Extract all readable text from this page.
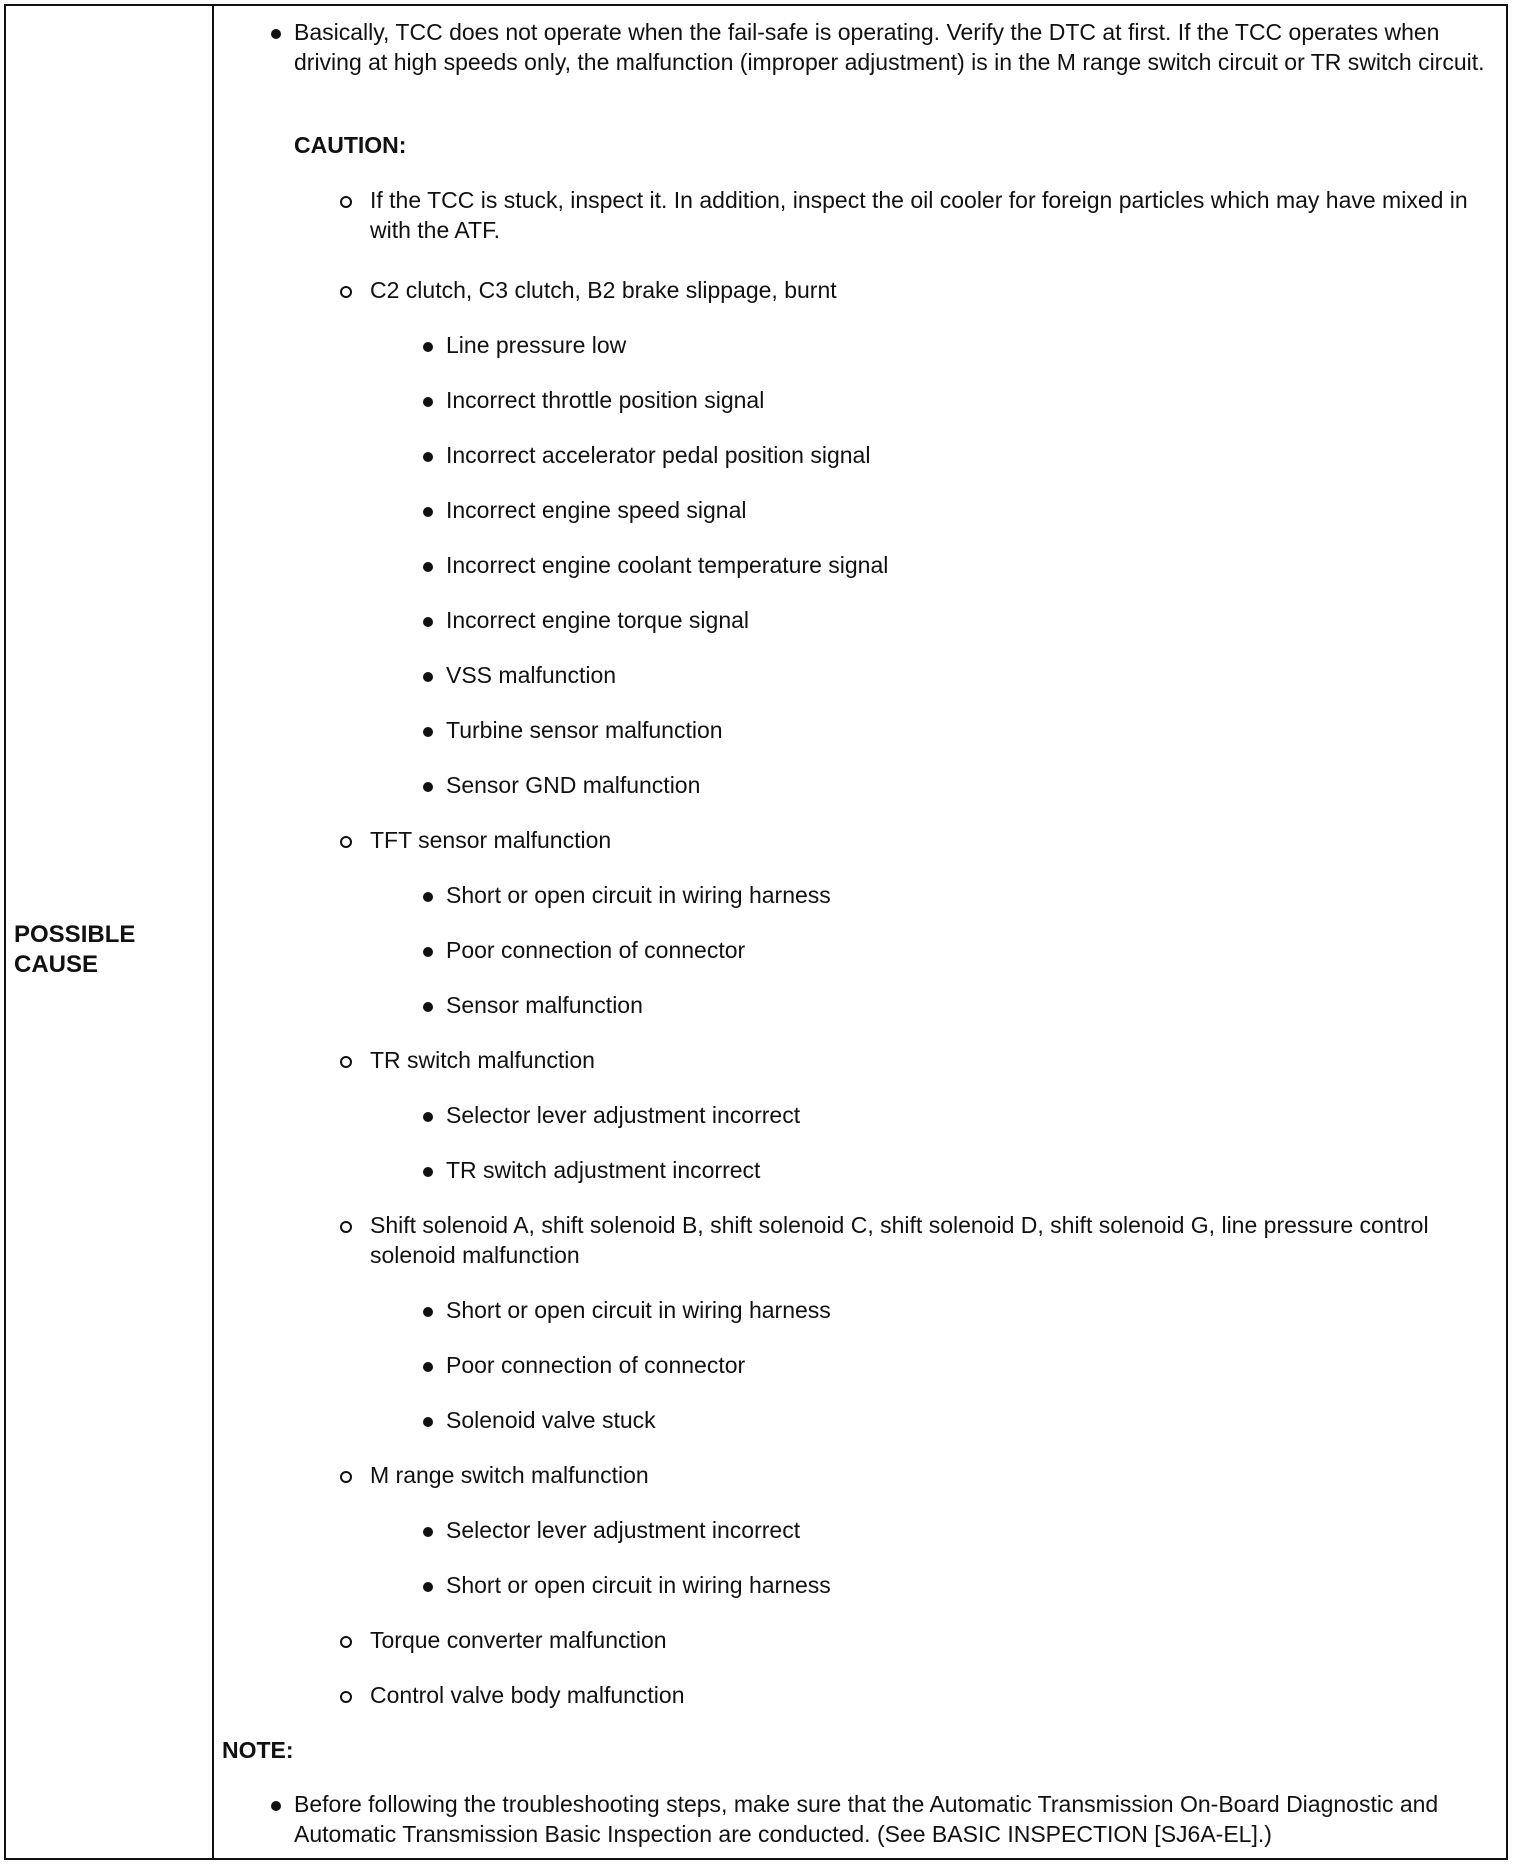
POSSIBLE
CAUSE
Basically, TCC does not operate when the fail-safe is operating. Verify the DTC at first. If the TCC operates when driving at high speeds only, the malfunction (improper adjustment) is in the M range switch circuit or TR switch circuit.
CAUTION:
If the TCC is stuck, inspect it. In addition, inspect the oil cooler for foreign particles which may have mixed in with the ATF.
C2 clutch, C3 clutch, B2 brake slippage, burnt
Line pressure low
Incorrect throttle position signal
Incorrect accelerator pedal position signal
Incorrect engine speed signal
Incorrect engine coolant temperature signal
Incorrect engine torque signal
VSS malfunction
Turbine sensor malfunction
Sensor GND malfunction
TFT sensor malfunction
Short or open circuit in wiring harness
Poor connection of connector
Sensor malfunction
TR switch malfunction
Selector lever adjustment incorrect
TR switch adjustment incorrect
Shift solenoid A, shift solenoid B, shift solenoid C, shift solenoid D, shift solenoid G, line pressure control solenoid malfunction
Short or open circuit in wiring harness
Poor connection of connector
Solenoid valve stuck
M range switch malfunction
Selector lever adjustment incorrect
Short or open circuit in wiring harness
Torque converter malfunction
Control valve body malfunction
NOTE:
Before following the troubleshooting steps, make sure that the Automatic Transmission On-Board Diagnostic and Automatic Transmission Basic Inspection are conducted. (See BASIC INSPECTION [SJ6A-EL].)
